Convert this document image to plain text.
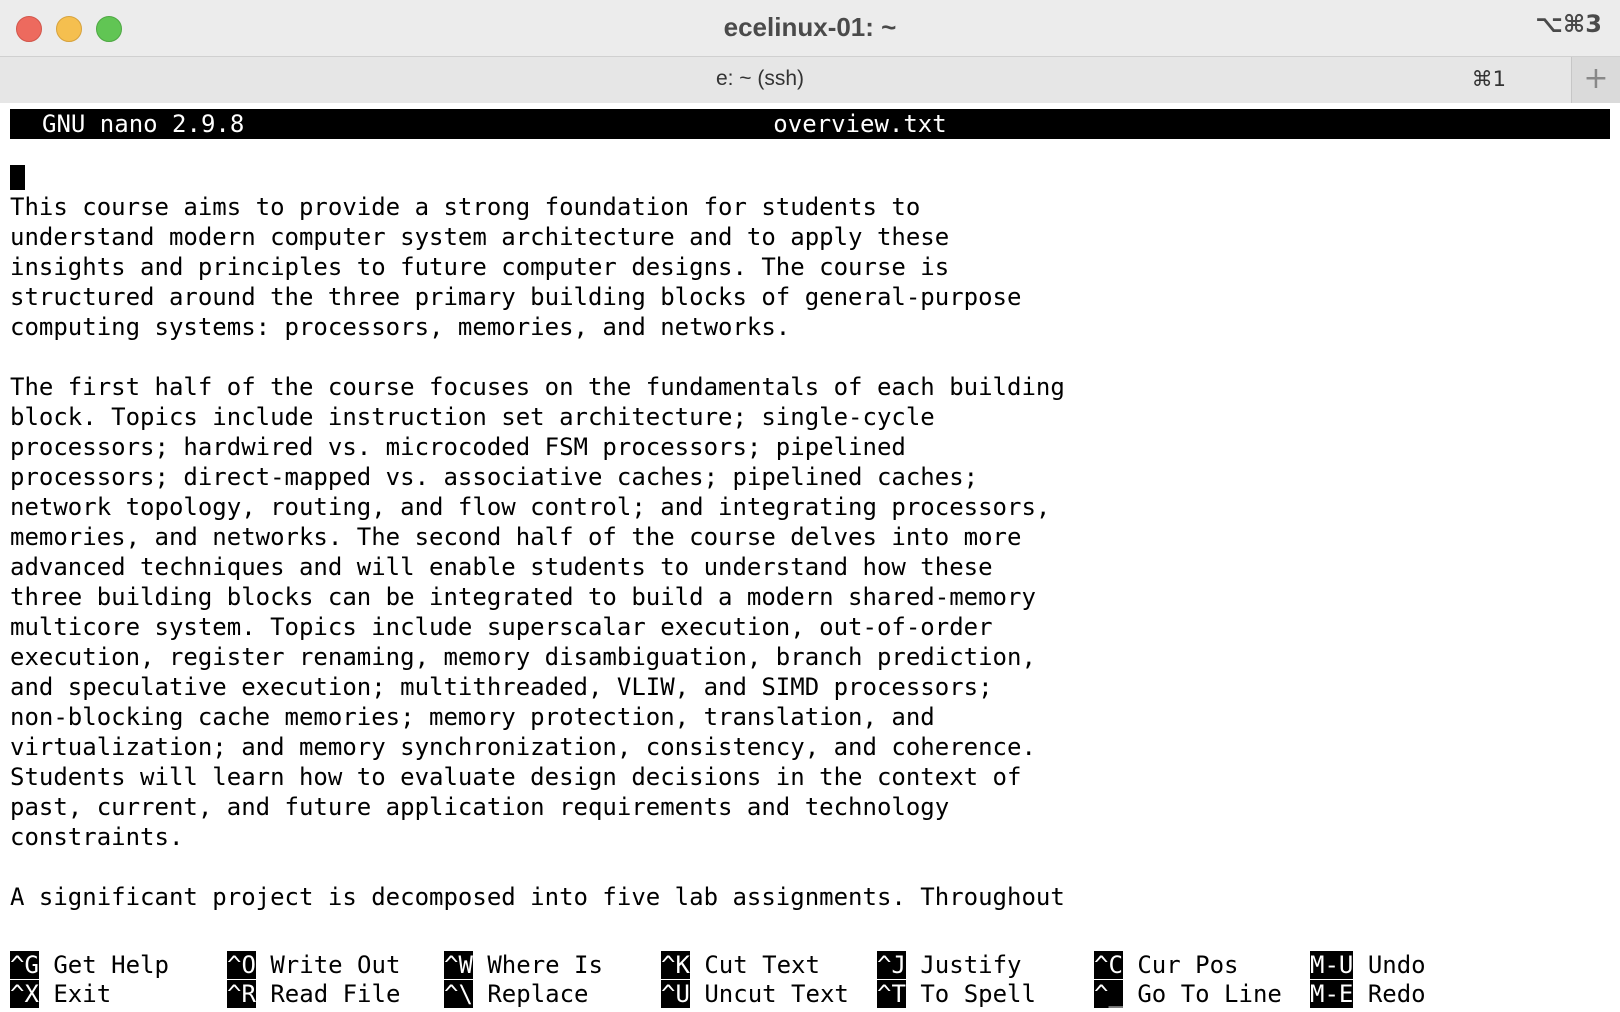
ecelinux-01: ~	⌥⌘3
e: ~ (ssh)	⌘1	+
GNU nano 2.9.8	overview.txt
This course aims to provide a strong foundation for students to
understand modern computer system architecture and to apply these
insights and principles to future computer designs. The course is
structured around the three primary building blocks of general-purpose
computing systems: processors, memories, and networks.
The first half of the course focuses on the fundamentals of each building
block. Topics include instruction set architecture; single-cycle
processors; hardwired vs. microcoded FSM processors; pipelined
processors; direct-mapped vs. associative caches; pipelined caches;
network topology, routing, and flow control; and integrating processors,
memories, and networks. The second half of the course delves into more
advanced techniques and will enable students to understand how these
three building blocks can be integrated to build a modern shared-memory
multicore system. Topics include superscalar execution, out-of-order
execution, register renaming, memory disambiguation, branch prediction,
and speculative execution; multithreaded, VLIW, and SIMD processors;
non-blocking cache memories; memory protection, translation, and
virtualization; and memory synchronization, consistency, and coherence.
Students will learn how to evaluate design decisions in the context of
past, current, and future application requirements and technology
constraints.
A significant project is decomposed into five lab assignments. Throughout
^G Get Help ^O Write Out ^W Where Is ^K Cut Text ^J Justify	^C Cur Pos	M-U Undo
^X Exit	^R Read File ^\ Replace	^U Uncut Text ^T To Spell ^_ Go To Line M-E Redo
